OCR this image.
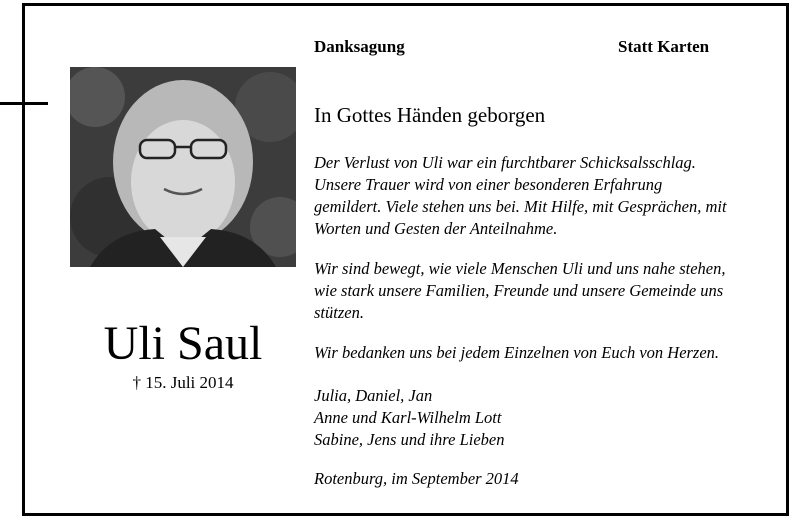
Uli Saul
† 15. Juli 2014
Danksagung	Statt Karten
In Gottes Händen geborgen
Der Verlust von Uli war ein furchtbarer Schicksalsschlag.
Unsere Trauer wird von einer besonderen Erfahrung
gemildert. Viele stehen uns bei. Mit Hilfe, mit Gesprächen, mit
Worten und Gesten der Anteilnahme.
Wir sind bewegt, wie viele Menschen Uli und uns nahe stehen,
wie stark unsere Familien, Freunde und unsere Gemeinde uns
stützen.
Wir bedanken uns bei jedem Einzelnen von Euch von Herzen.
Julia, Daniel, Jan
Anne und Karl-Wilhelm Lott
Sabine, Jens und ihre Lieben
Rotenburg, im September 2014
